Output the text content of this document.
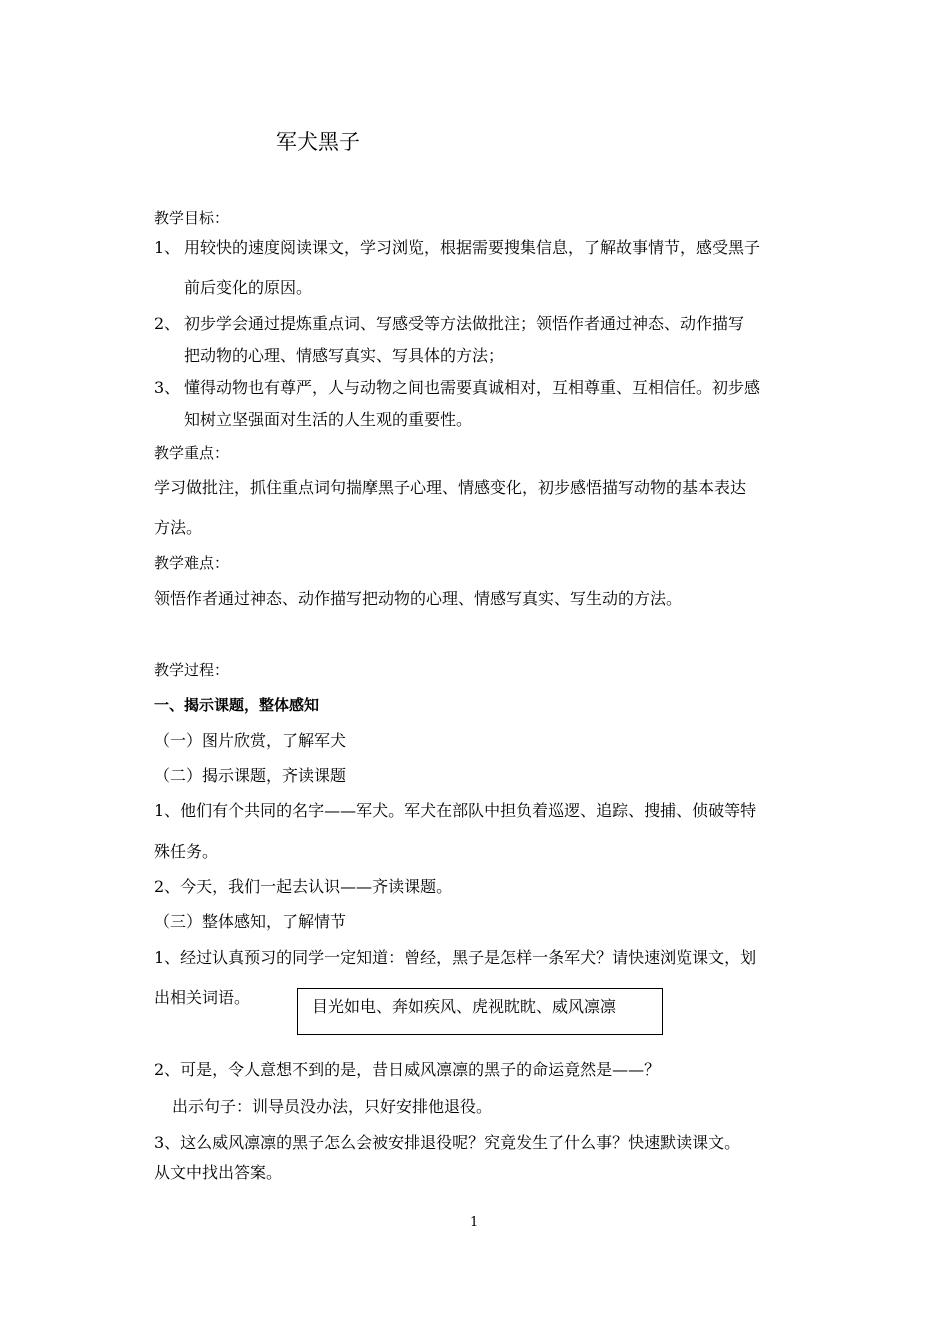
军犬黑子
教学目标：
1、 用较快的速度阅读课文，学习浏览，根据需要搜集信息，了解故事情节，感受黑子
前后变化的原因。
2、 初步学会通过提炼重点词、写感受等方法做批注；领悟作者通过神态、动作描写
把动物的心理、情感写真实、写具体的方法；
3、 懂得动物也有尊严，人与动物之间也需要真诚相对，互相尊重、互相信任。初步感
知树立坚强面对生活的人生观的重要性。
教学重点：
学习做批注，抓住重点词句揣摩黑子心理、情感变化，初步感悟描写动物的基本表达
方法。
教学难点：
领悟作者通过神态、动作描写把动物的心理、情感写真实、写生动的方法。
教学过程：
一、揭示课题，整体感知
（一）图片欣赏，了解军犬
（二）揭示课题，齐读课题
1、他们有个共同的名字——军犬。军犬在部队中担负着巡逻、追踪、搜捕、侦破等特
殊任务。
2、今天，我们一起去认识——齐读课题。
（三）整体感知，了解情节
1、经过认真预习的同学一定知道：曾经，黑子是怎样一条军犬？请快速浏览课文，划
出相关词语。	目光如电、奔如疾风、虎视眈眈、威风凛凛
2、可是，令人意想不到的是，昔日威风凛凛的黑子的命运竟然是——？
出示句子：训导员没办法，只好安排他退役。
3、这么威风凛凛的黑子怎么会被安排退役呢？究竟发生了什么事？快速默读课文。
从文中找出答案。
1
